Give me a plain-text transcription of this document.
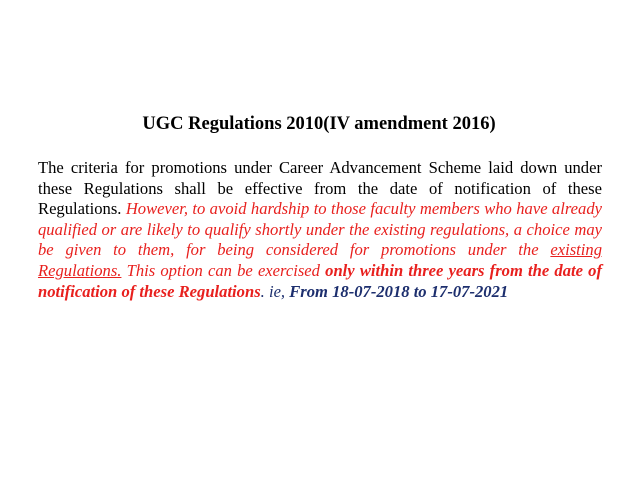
UGC Regulations 2010(IV amendment 2016)

The criteria for promotions under Career Advancement Scheme laid down under these Regulations shall be effective from the date of notification of these Regulations. However, to avoid hardship to those faculty members who have already qualified or are likely to qualify shortly under the existing regulations, a choice may be given to them, for being considered for promotions under the existing Regulations. This option can be exercised only within three years from the date of notification of these Regulations. ie, From 18-07-2018 to 17-07-2021
